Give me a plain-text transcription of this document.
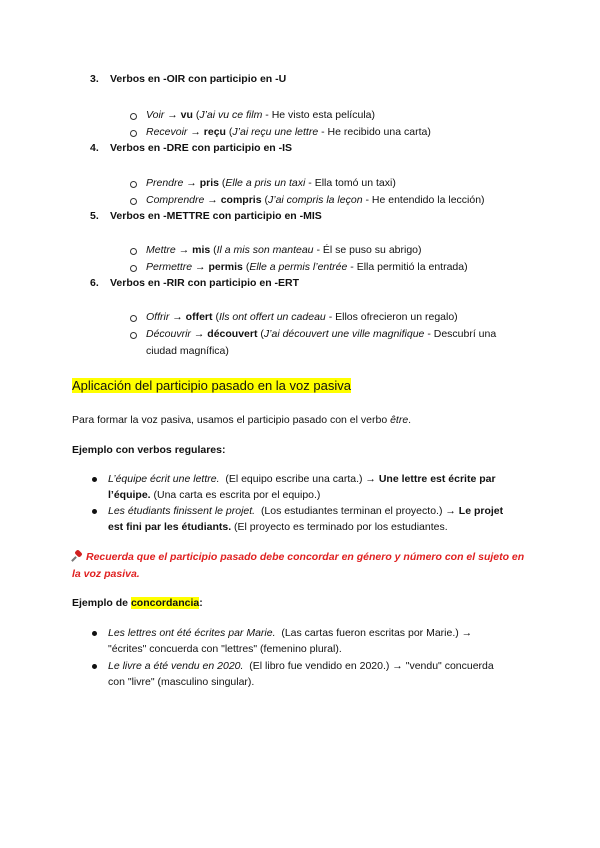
3. Verbos en -OIR con participio en -U
Voir → vu (J’ai vu ce film - He visto esta película)
Recevoir → reçu (J’ai reçu une lettre - He recibido una carta)
4. Verbos en -DRE con participio en -IS
Prendre → pris (Elle a pris un taxi - Ella tomó un taxi)
Comprendre → compris (J’ai compris la leçon - He entendido la lección)
5. Verbos en -METTRE con participio en -MIS
Mettre → mis (Il a mis son manteau - Él se puso su abrigo)
Permettre → permis (Elle a permis l’entrée - Ella permitió la entrada)
6. Verbos en -RIR con participio en -ERT
Offrir → offert (Ils ont offert un cadeau - Ellos ofrecieron un regalo)
Découvrir → découvert (J’ai découvert une ville magnifique - Descubrí una
ciudad magnífica)
Aplicación del participio pasado en la voz pasiva
Para formar la voz pasiva, usamos el participio pasado con el verbo être.
Ejemplo con verbos regulares:
L’équipe écrit une lettre. (El equipo escribe una carta.) → Une lettre est écrite par
l’équipe. (Una carta es escrita por el equipo.)
Les étudiants finissent le projet. (Los estudiantes terminan el proyecto.) → Le projet
est fini par les étudiants. (El proyecto es terminado por los estudiantes.
Recuerda que el participio pasado debe concordar en género y número con el sujeto en
la voz pasiva.
Ejemplo de concordancia:
Les lettres ont été écrites par Marie. (Las cartas fueron escritas por Marie.) →
"écrites" concuerda con "lettres" (femenino plural).
Le livre a été vendu en 2020. (El libro fue vendido en 2020.) → "vendu" concuerda
con "livre" (masculino singular).
